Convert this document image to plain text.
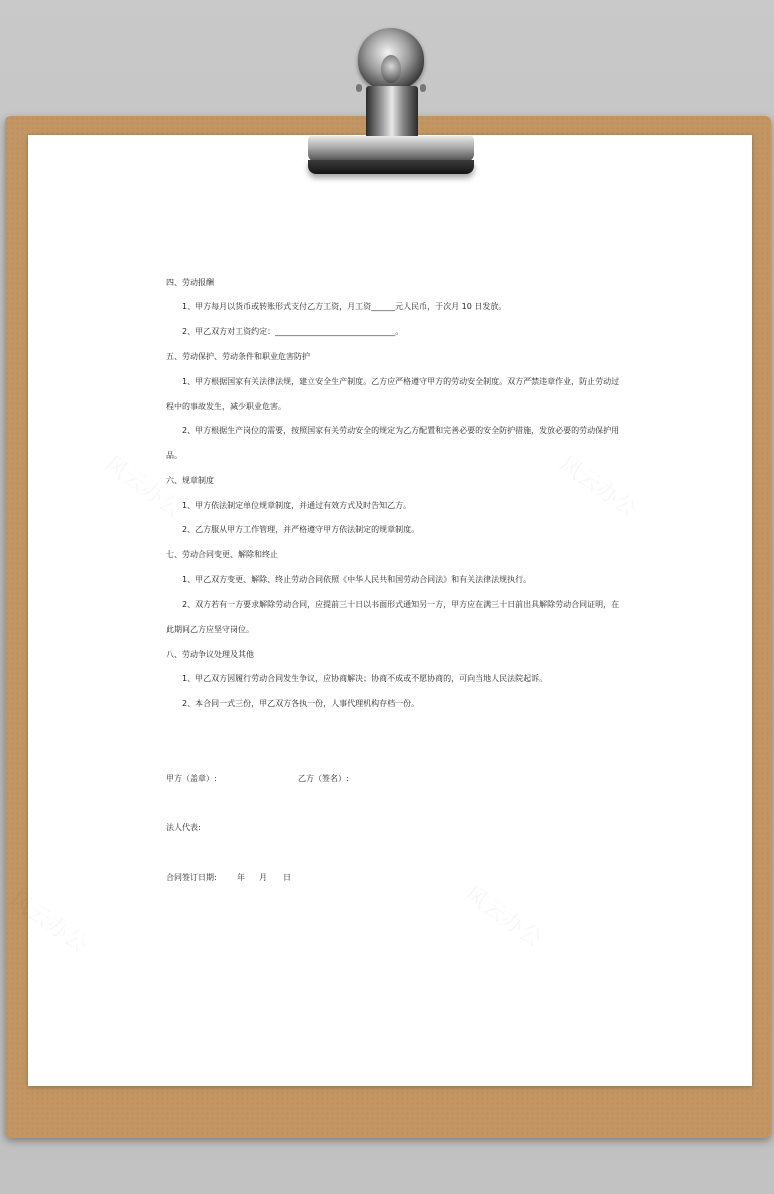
四、劳动报酬
1、甲方每月以货币或转账形式支付乙方工资，月工资______元人民币，于次月 10 日发放。
2、甲乙双方对工资约定：______________________________。
五、劳动保护、劳动条件和职业危害防护
1、甲方根据国家有关法律法规，建立安全生产制度。乙方应严格遵守甲方的劳动安全制度。双方严禁违章作业，防止劳动过
程中的事故发生，减少职业危害。
2、甲方根据生产岗位的需要，按照国家有关劳动安全的规定为乙方配置和完善必要的安全防护措施，发放必要的劳动保护用
品。
六、规章制度
1、甲方依法制定单位规章制度，并通过有效方式及时告知乙方。
2、乙方服从甲方工作管理，并严格遵守甲方依法制定的规章制度。
七、劳动合同变更、解除和终止
1、甲乙双方变更、解除、终止劳动合同依照《中华人民共和国劳动合同法》和有关法律法规执行。
2、双方若有一方要求解除劳动合同，应提前三十日以书面形式通知另一方，甲方应在满三十日前出具解除劳动合同证明，在
此期间乙方应坚守岗位。
八、劳动争议处理及其他
1、甲乙双方因履行劳动合同发生争议，应协商解决；协商不成或不愿协商的，可向当地人民法院起诉。
2、本合同一式三份，甲乙双方各执一份，人事代理机构存档一份。
甲方（盖章）:	乙方（签名）:
法人代表:
合同签订日期:	年 月 日
